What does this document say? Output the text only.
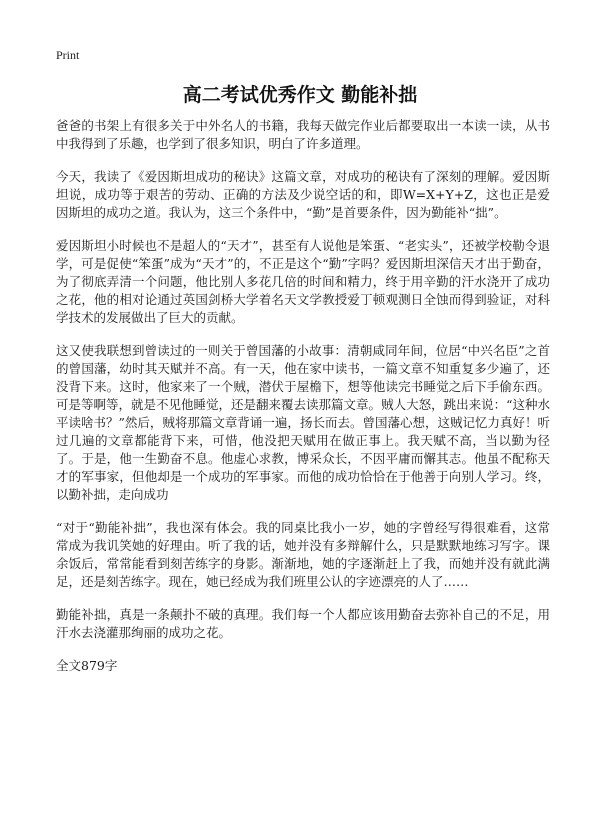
Print
高二考试优秀作文 勤能补拙

爸爸的书架上有很多关于中外名人的书籍，我每天做完作业后都要取出一本读一读，从书中我得到了乐趣，也学到了很多知识，明白了许多道理。

今天，我读了《爱因斯坦成功的秘诀》这篇文章，对成功的秘诀有了深刻的理解。爱因斯坦说，成功等于艰苦的劳动、正确的方法及少说空话的和，即W=X+Y+Z，这也正是爱因斯坦的成功之道。我认为，这三个条件中，“勤”是首要条件，因为勤能补“拙”。

爱因斯坦小时候也不是超人的“天才”，甚至有人说他是笨蛋、“老实头”，还被学校勒令退学，可是促使“笨蛋”成为“天才”的，不正是这个“勤”字吗？爱因斯坦深信天才出于勤奋，为了彻底弄清一个问题，他比别人多花几倍的时间和精力，终于用辛勤的汗水浇开了成功之花，他的相对论通过英国剑桥大学着名天文学教授爱丁顿观测日全蚀而得到验证，对科学技术的发展做出了巨大的贡献。

这又使我联想到曾读过的一则关于曾国藩的小故事：清朝咸同年间，位居“中兴名臣”之首的曾国藩，幼时其天赋并不高。有一天，他在家中读书，一篇文章不知重复多少遍了，还没背下来。这时，他家来了一个贼，潜伏于屋檐下，想等他读完书睡觉之后下手偷东西。可是等啊等，就是不见他睡觉，还是翻来覆去读那篇文章。贼人大怒，跳出来说：“这种水平读啥书？”然后，贼将那篇文章背诵一遍，扬长而去。曾国藩心想，这贼记忆力真好！听过几遍的文章都能背下来，可惜，他没把天赋用在做正事上。我天赋不高，当以勤为径了。于是，他一生勤奋不息。他虚心求教，博采众长，不因平庸而懈其志。他虽不配称天才的军事家，但他却是一个成功的军事家。而他的成功恰恰在于他善于向别人学习。终，以勤补拙，走向成功

“对于“勤能补拙”，我也深有体会。我的同桌比我小一岁，她的字曾经写得很难看，这常常成为我讥笑她的好理由。听了我的话，她并没有多辩解什么，只是默默地练习写字。课余饭后，常常能看到刻苦练字的身影。渐渐地，她的字逐渐赶上了我，而她并没有就此满足，还是刻苦练字。现在，她已经成为我们班里公认的字迹漂亮的人了……

勤能补拙，真是一条颠扑不破的真理。我们每一个人都应该用勤奋去弥补自己的不足，用汗水去浇灌那绚丽的成功之花。

全文879字
